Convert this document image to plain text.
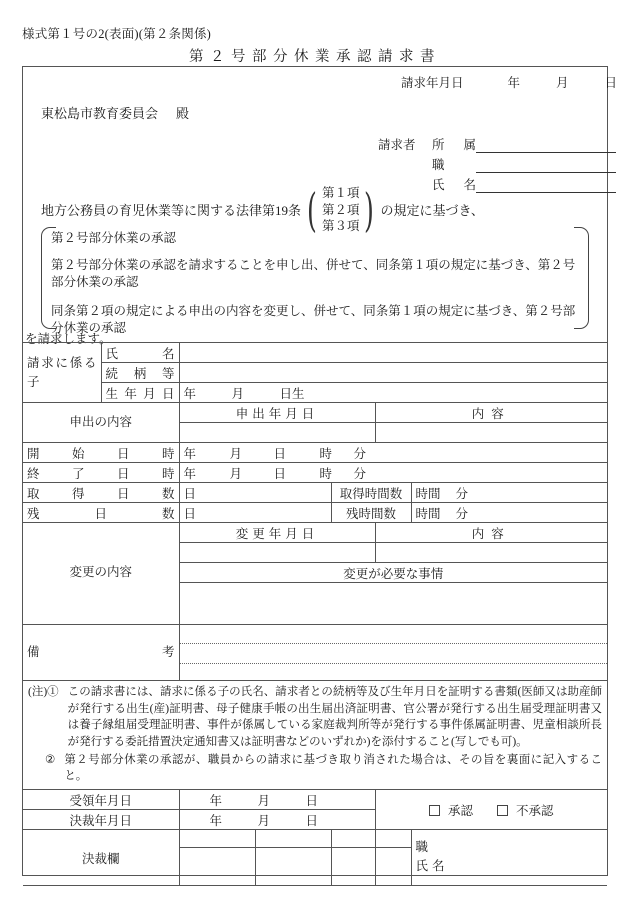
様式第１号の2(表面)(第２条関係)
第２号部分休業承認請求書
請求年月日	年	月	日
東松島市教育委員会 殿
請求者	所属
職
氏名
地方公務員の育児休業等に関する法律第19条 ( 第１項
第２項
第３項 ) の規定に基づき、
第２号部分休業の承認
第２号部分休業の承認を請求することを申し出、併せて、同条第１項の規定に基づき、第２号部分休業の承認
同条第２項の規定による申出の内容を変更し、併せて、同条第１項の規定に基づき、第２号部分休業の承認
を請求します。
請求に係る子	氏名					

	続柄等					

	生年月日	年 月 日生				
申出の内容		申出年月日			内容	

開始日時		年 月 日 時 分				

終了日時		年 月 日 時 分				

取得日数		日		取得時間数		時間 分

残日数		日		残時間数		時間 分
		変更年月日			内容	

変更の内容		変更が必要な事情				

備考						

(注)① この請求書には、請求に係る子の氏名、請求者との続柄等及び生年月日を証明する書類(医師又は助産師が発行する出生(産)証明書、母子健康手帳の出生届出済証明書、官公署が発行する出生届受理証明書又は養子縁組届受理証明書、事件が係属している家庭裁判所等が発行する事件係属証明書、児童相談所長が発行する委託措置決定通知書又は証明書などのいずれか)を添付すること(写しでも可)。
② 第２号部分休業の承認が、職員からの請求に基づき取り消された場合は、その旨を裏面に記入すること。						

受領年月日		年 月 日			承認 不承認	
決裁年月日		年 月 日				
決裁欄						職
氏名
